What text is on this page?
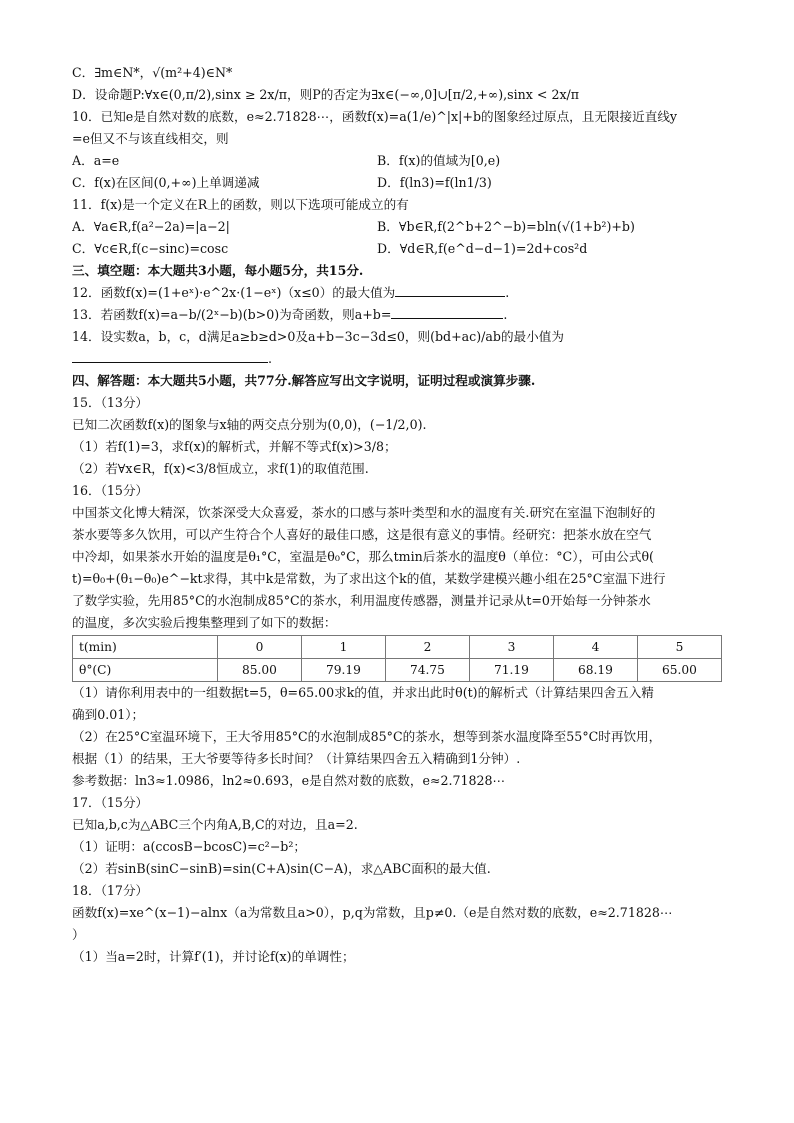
C．∃m∈N*，√(m²+4)∈N*
D．设命题P:∀x∈(0,π/2),sinx ≥ 2x/π，则P的否定为∃x∈(−∞,0]∪[π/2,+∞),sinx < 2x/π
10．已知e是自然对数的底数，e≈2.71828⋯，函数f(x)=a(1/e)^|x|+b的图象经过原点，且无限接近直线y
=e但又不与该直线相交，则
A．a=e	B．f(x)的值域为[0,e)
C．f(x)在区间(0,+∞)上单调递减	D．f(ln3)=f(ln1/3)
11．f(x)是一个定义在R上的函数，则以下选项可能成立的有
A．∀a∈R,f(a²−2a)=|a−2|	B．∀b∈R,f(2^b+2^−b)=bln(√(1+b²)+b)
C．∀c∈R,f(c−sinc)=cosc	D．∀d∈R,f(e^d−d−1)=2d+cos²d
三、填空题：本大题共3小题，每小题5分，共15分.
12．函数f(x)=(1+eˣ)·e^2x·(1−eˣ)（x≤0）的最大值为	.
13．若函数f(x)=a−b/(2ˣ−b)(b>0)为奇函数，则a+b=	.
14．设实数a，b，c，d满足a≥b≥d>0及a+b−3c−3d≤0，则(bd+ac)/ab的最小值为
.
四、解答题：本大题共5小题，共77分.解答应写出文字说明，证明过程或演算步骤.
15．（13分）
已知二次函数f(x)的图象与x轴的两交点分别为(0,0)，(−1/2,0).
（1）若f(1)=3，求f(x)的解析式，并解不等式f(x)>3/8；
（2）若∀x∈R，f(x)<3/8恒成立，求f(1)的取值范围.
16．（15分）
中国茶文化博大精深，饮茶深受大众喜爱，茶水的口感与茶叶类型和水的温度有关.研究在室温下泡制好的
茶水要等多久饮用，可以产生符合个人喜好的最佳口感，这是很有意义的事情。经研究：把茶水放在空气
中冷却，如果茶水开始的温度是θ₁°C，室温是θ₀°C，那么tmin后茶水的温度θ（单位：°C），可由公式θ(
t)=θ₀+(θ₁−θ₀)e^−kt求得，其中k是常数，为了求出这个k的值，某数学建模兴趣小组在25°C室温下进行
了数学实验，先用85°C的水泡制成85°C的茶水，利用温度传感器，测量并记录从t=0开始每一分钟茶水
的温度，多次实验后搜集整理到了如下的数据：
t(min)	0	1	2	3	4	5
θ°(C)	85.00	79.19	74.75	71.19	68.19	65.00
（1）请你利用表中的一组数据t=5，θ=65.00求k的值，并求出此时θ(t)的解析式（计算结果四舍五入精
确到0.01）；
（2）在25°C室温环境下，王大爷用85°C的水泡制成85°C的茶水，想等到茶水温度降至55°C时再饮用，
根据（1）的结果，王大爷要等待多长时间？（计算结果四舍五入精确到1分钟）.
参考数据：ln3≈1.0986，ln2≈0.693，e是自然对数的底数，e≈2.71828⋯
17．（15分）
已知a,b,c为△ABC三个内角A,B,C的对边，且a=2.
（1）证明：a(ccosB−bcosC)=c²−b²；
（2）若sinB(sinC−sinB)=sin(C+A)sin(C−A)，求△ABC面积的最大值.
18．（17分）
函数f(x)=xe^(x−1)−alnx（a为常数且a>0），p,q为常数，且p≠0.（e是自然对数的底数，e≈2.71828⋯
）
（1）当a=2时，计算f′(1)，并讨论f(x)的单调性；
